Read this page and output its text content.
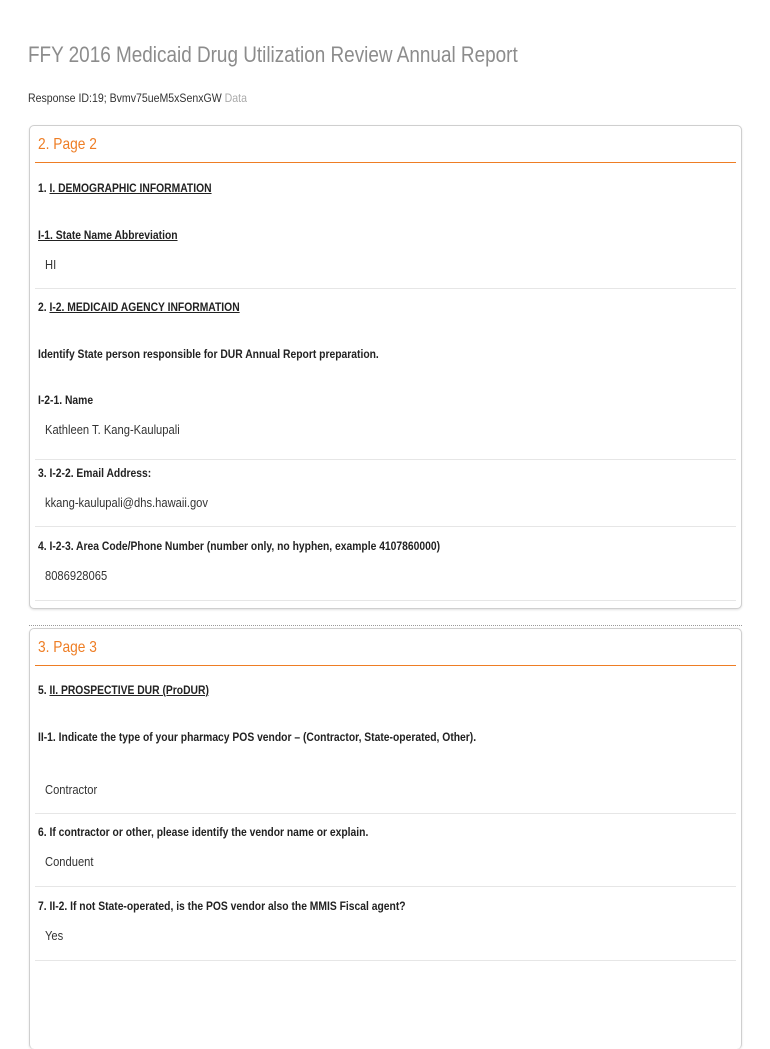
FFY 2016 Medicaid Drug Utilization Review Annual Report
Response ID:19; Bvmv75ueM5xSenxGW Data
2. Page 2
1. I. DEMOGRAPHIC INFORMATION
I-1. State Name Abbreviation
HI
2. I-2. MEDICAID AGENCY INFORMATION
Identify State person responsible for DUR Annual Report preparation.
I-2-1. Name
Kathleen T. Kang-Kaulupali
3. I-2-2. Email Address:
kkang-kaulupali@dhs.hawaii.gov
4. I-2-3. Area Code/Phone Number (number only, no hyphen, example 4107860000)
8086928065
3. Page 3
5. II. PROSPECTIVE DUR (ProDUR)
II-1. Indicate the type of your pharmacy POS vendor – (Contractor, State-operated, Other).
Contractor
6. If contractor or other, please identify the vendor name or explain.
Conduent
7. II-2. If not State-operated, is the POS vendor also the MMIS Fiscal agent?
Yes
